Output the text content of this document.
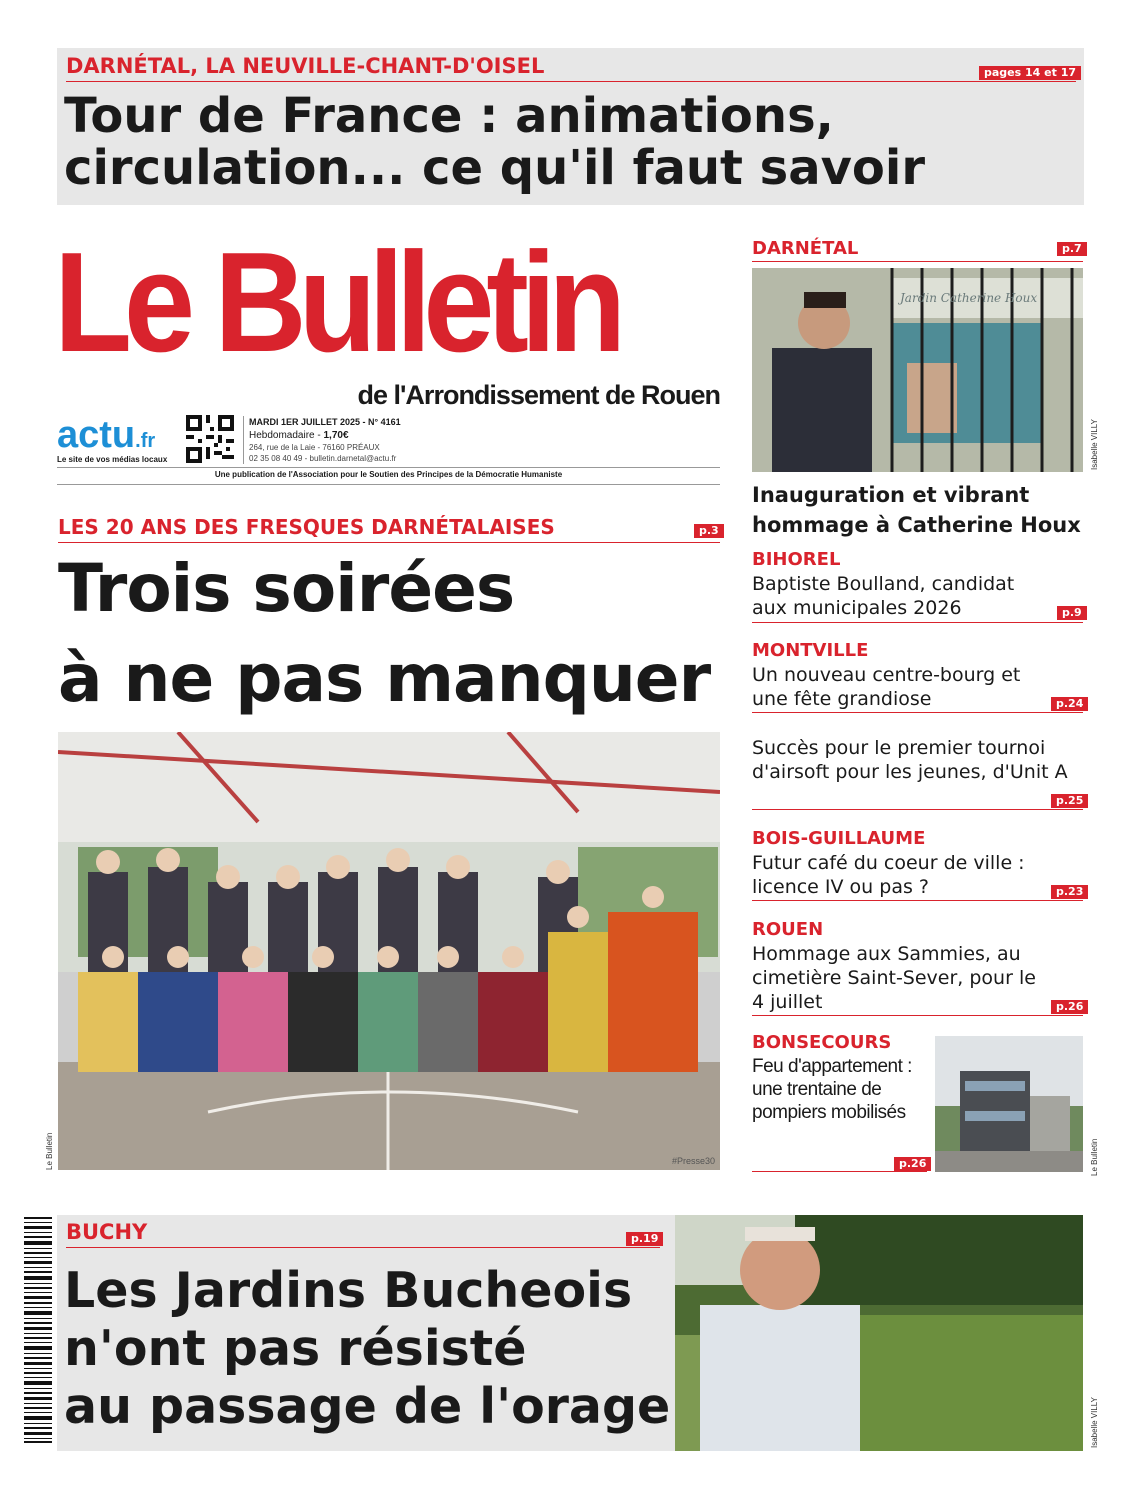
DARNÉTAL, LA NEUVILLE-CHANT-D'OISEL	pages 14 et 17
Tour de France : animations,
circulation... ce qu'il faut savoir
Le Bulletin
de l'Arrondissement de Rouen
actu.fr
Le site de vos médias locaux
MARDI 1ER JUILLET 2025 - N° 4161
Hebdomadaire - 1,70€
264, rue de la Laie - 76160 PRÉAUX
02 35 08 40 49 - bulletin.darnetal@actu.fr
Une publication de l'Association pour le Soutien des Principes de la Démocratie Humaniste
LES 20 ANS DES FRESQUES DARNÉTALAISES	p.3
Trois soirées
à ne pas manquer
#Presse30
Le Bulletin
DARNÉTAL	p.7
Jardin Catherine Houx
Isabelle VILLY
Inauguration et vibrant hommage à Catherine Houx
BIHOREL
Baptiste Boulland, candidat aux municipales 2026	p.9
MONTVILLE
Un nouveau centre-bourg et une fête grandiose	p.24
Succès pour le premier tournoi d'airsoft pour les jeunes, d'Unit A
p.25
BOIS-GUILLAUME
Futur café du coeur de ville : licence IV ou pas ?	p.23
ROUEN
Hommage aux Sammies, au cimetière Saint-Sever, pour le 4 juillet	p.26
BONSECOURS
Feu d'appartement : une trentaine de pompiers mobilisés
p.26	Le Bulletin
BUCHY	p.19
Les Jardins Bucheois
n'ont pas résisté
au passage de l'orage	Isabelle VILLY
